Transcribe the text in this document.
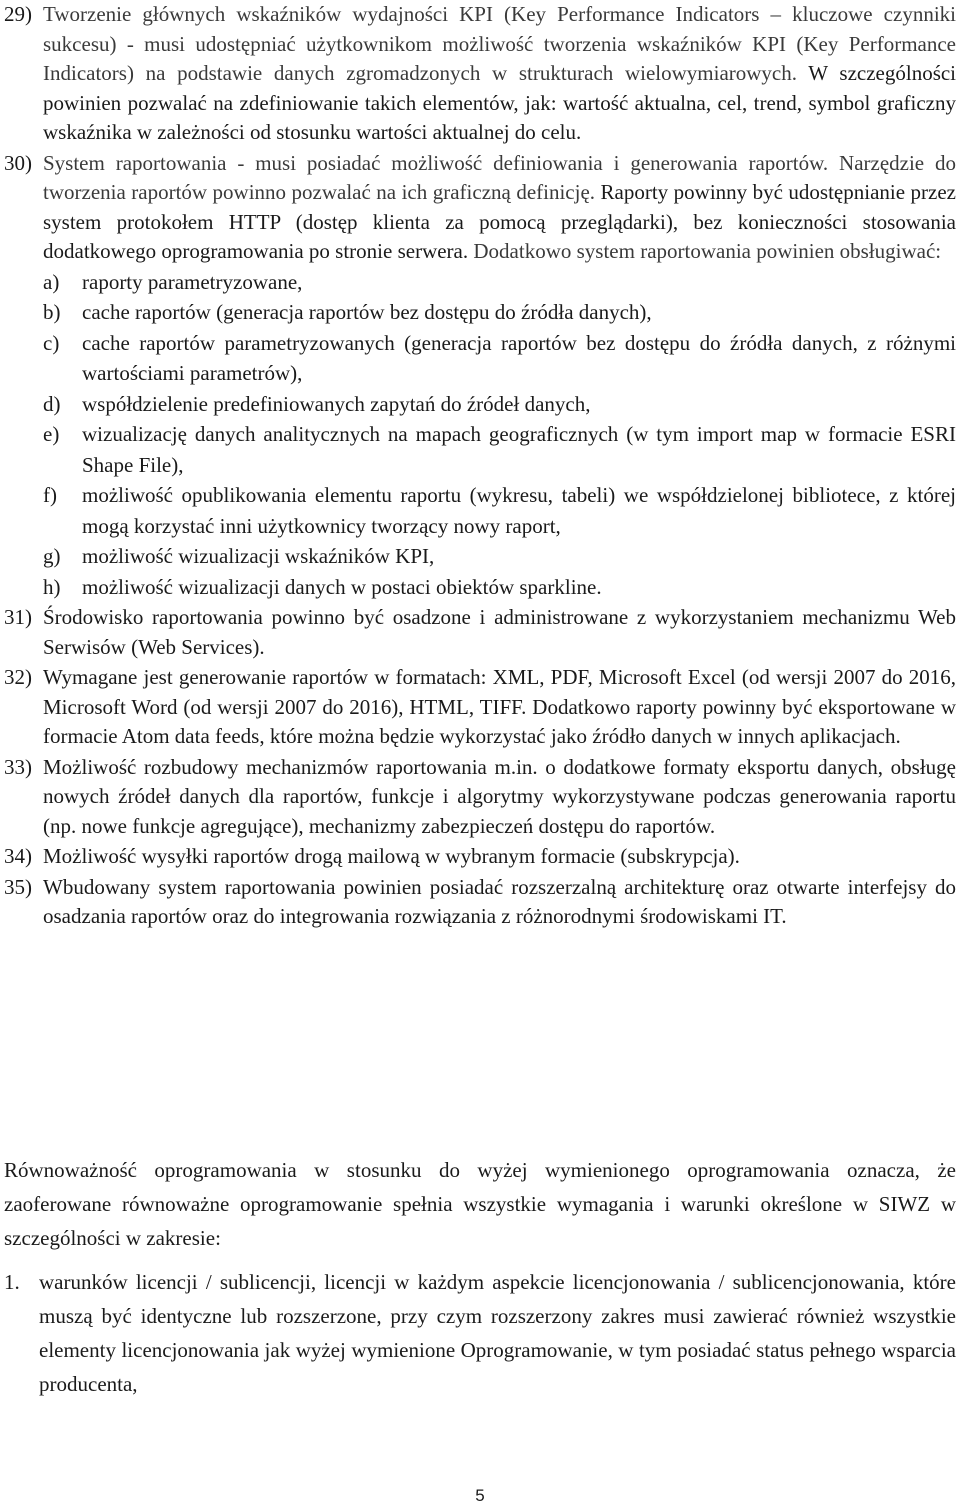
29) Tworzenie głównych wskaźników wydajności KPI (Key Performance Indicators – kluczowe czynniki sukcesu) - musi udostępniać użytkownikom możliwość tworzenia wskaźników KPI (Key Performance Indicators) na podstawie danych zgromadzonych w strukturach wielowymiarowych. W szczególności powinien pozwalać na zdefiniowanie takich elementów, jak: wartość aktualna, cel, trend, symbol graficzny wskaźnika w zależności od stosunku wartości aktualnej do celu.
30) System raportowania - musi posiadać możliwość definiowania i generowania raportów. Narzędzie do tworzenia raportów powinno pozwalać na ich graficzną definicję. Raporty powinny być udostępnianie przez system protokołem HTTP (dostęp klienta za pomocą przeglądarki), bez konieczności stosowania dodatkowego oprogramowania po stronie serwera. Dodatkowo system raportowania powinien obsługiwać:
a) raporty parametryzowane,
b) cache raportów (generacja raportów bez dostępu do źródła danych),
c) cache raportów parametryzowanych (generacja raportów bez dostępu do źródła danych, z różnymi wartościami parametrów),
d) współdzielenie predefiniowanych zapytań do źródeł danych,
e) wizualizację danych analitycznych na mapach geograficznych (w tym import map w formacie ESRI Shape File),
f) możliwość opublikowania elementu raportu (wykresu, tabeli) we współdzielonej bibliotece, z której mogą korzystać inni użytkownicy tworzący nowy raport,
g) możliwość wizualizacji wskaźników KPI,
h) możliwość wizualizacji danych w postaci obiektów sparkline.
31) Środowisko raportowania powinno być osadzone i administrowane z wykorzystaniem mechanizmu Web Serwisów (Web Services).
32) Wymagane jest generowanie raportów w formatach: XML, PDF, Microsoft Excel (od wersji 2007 do 2016, Microsoft Word (od wersji 2007 do 2016), HTML, TIFF. Dodatkowo raporty powinny być eksportowane w formacie Atom data feeds, które można będzie wykorzystać jako źródło danych w innych aplikacjach.
33) Możliwość rozbudowy mechanizmów raportowania m.in. o dodatkowe formaty eksportu danych, obsługę nowych źródeł danych dla raportów, funkcje i algorytmy wykorzystywane podczas generowania raportu (np. nowe funkcje agregujące), mechanizmy zabezpieczeń dostępu do raportów.
34) Możliwość wysyłki raportów drogą mailową w wybranym formacie (subskrypcja).
35) Wbudowany system raportowania powinien posiadać rozszerzalną architekturę oraz otwarte interfejsy do osadzania raportów oraz do integrowania rozwiązania z różnorodnymi środowiskami IT.

Równoważność oprogramowania w stosunku do wyżej wymienionego oprogramowania oznacza, że zaoferowane równoważne oprogramowanie spełnia wszystkie wymagania i warunki określone w SIWZ w szczególności w zakresie:

1. warunków licencji / sublicencji, licencji w każdym aspekcie licencjonowania / sublicencjonowania, które muszą być identyczne lub rozszerzone, przy czym rozszerzony zakres musi zawierać również wszystkie elementy licencjonowania jak wyżej wymienione Oprogramowanie, w tym posiadać status pełnego wsparcia producenta,
5
